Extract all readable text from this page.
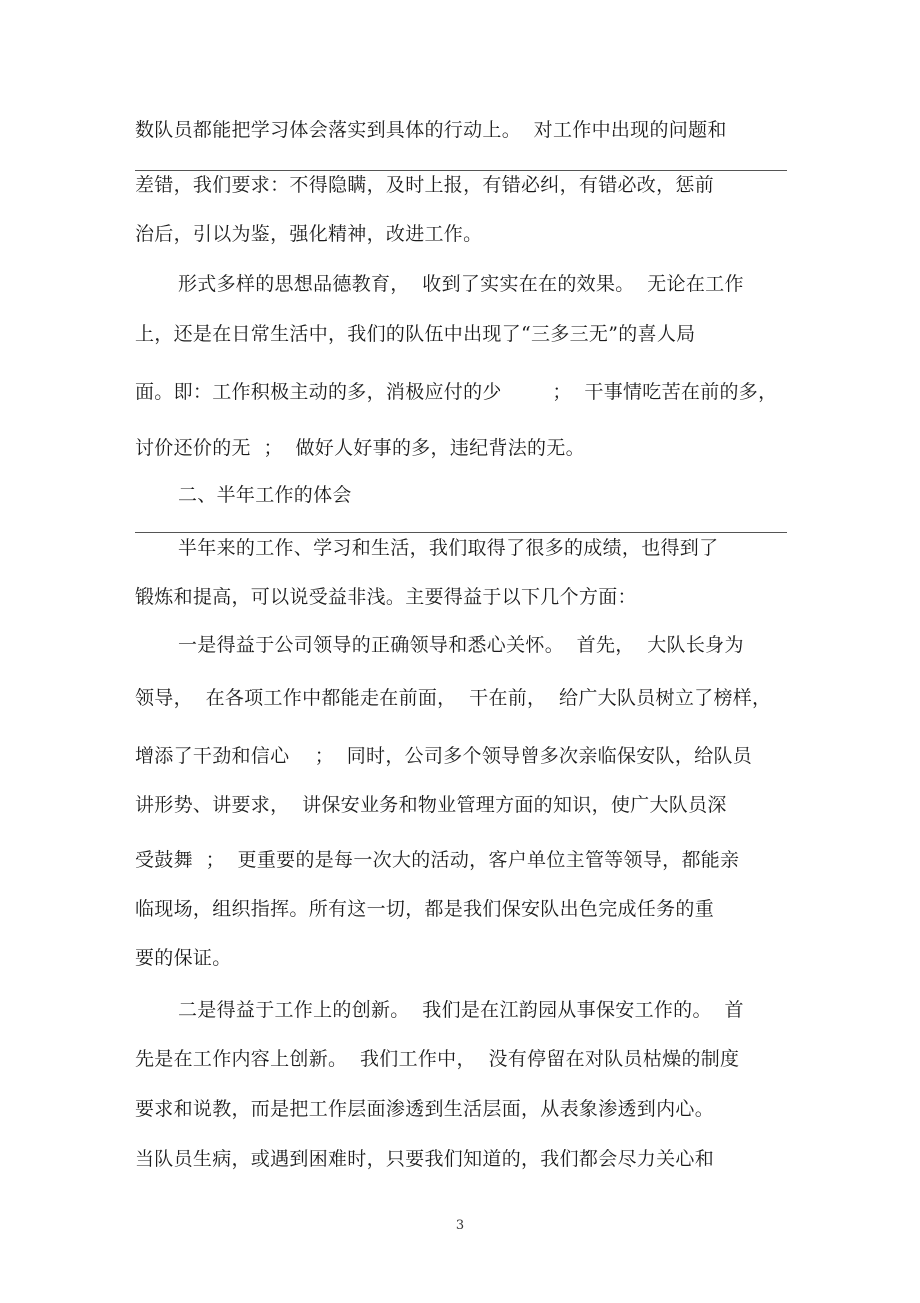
数队员都能把学习体会落实到具体的行动上。  对工作中出现的问题和
差错，我们要求：不得隐瞒，及时上报，有错必纠，有错必改，惩前
治后，引以为鉴，强化精神，改进工作。
形式多样的思想品德教育，  收到了实实在在的效果。  无论在工作
上，还是在日常生活中，我们的队伍中出现了“三多三无”的喜人局
面。即：工作积极主动的多，消极应付的少        ；  干事情吃苦在前的多，
讨价还价的无  ；  做好人好事的多，违纪背法的无。
二、半年工作的体会
半年来的工作、学习和生活，我们取得了很多的成绩，也得到了
锻炼和提高，可以说受益非浅。主要得益于以下几个方面：
一是得益于公司领导的正确领导和悉心关怀。  首先，  大队长身为
领导，  在各项工作中都能走在前面，  干在前，  给广大队员树立了榜样，
增添了干劲和信心    ；  同时，公司多个领导曾多次亲临保安队，给队员
讲形势、讲要求，  讲保安业务和物业管理方面的知识，使广大队员深
受鼓舞  ；  更重要的是每一次大的活动，客户单位主管等领导，都能亲
临现场，组织指挥。所有这一切，都是我们保安队出色完成任务的重
要的保证。
二是得益于工作上的创新。  我们是在江韵园从事保安工作的。  首
先是在工作内容上创新。  我们工作中，  没有停留在对队员枯燥的制度
要求和说教，而是把工作层面渗透到生活层面，从表象渗透到内心。
当队员生病，或遇到困难时，只要我们知道的，我们都会尽力关心和
3
